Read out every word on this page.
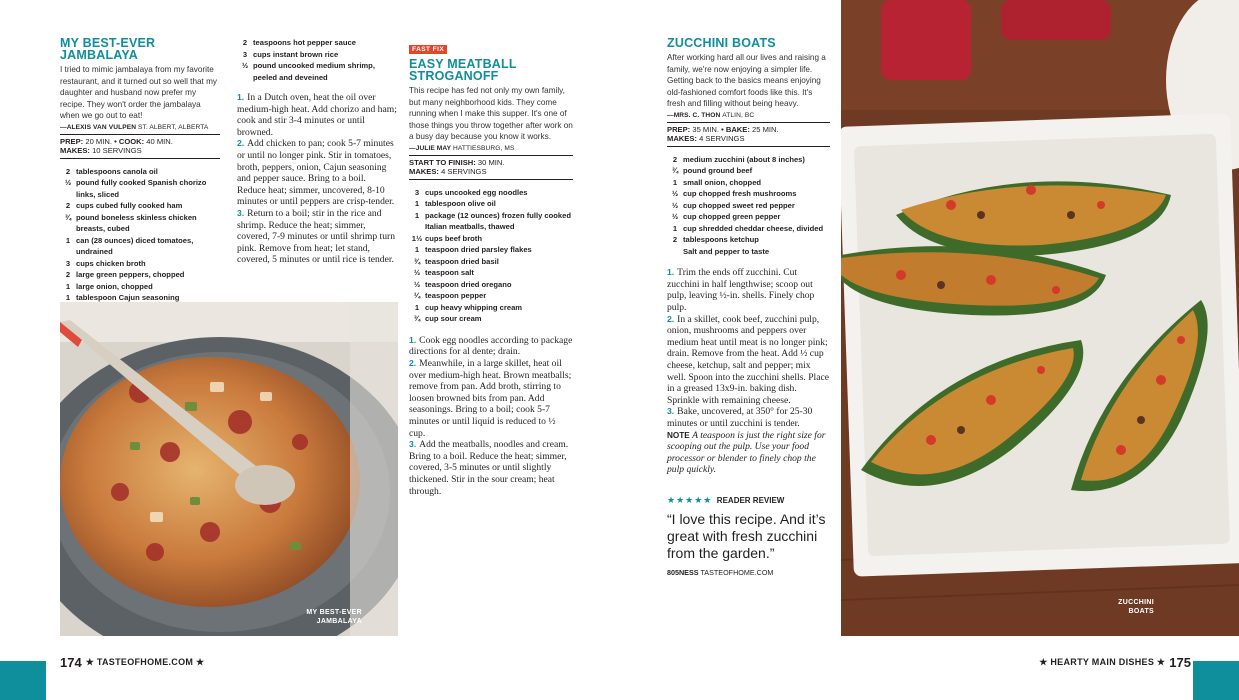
MY BEST-EVER JAMBALAYA
I tried to mimic jambalaya from my favorite restaurant, and it turned out so well that my daughter and husband now prefer my recipe. They won't order the jambalaya when we go out to eat!
—ALEXIS VAN VULPEN ST. ALBERT, ALBERTA
PREP: 20 MIN. • COOK: 40 MIN.
MAKES: 10 SERVINGS
2 tablespoons canola oil
½ pound fully cooked Spanish chorizo links, sliced
2 cups cubed fully cooked ham
¾ pound boneless skinless chicken breasts, cubed
1 can (28 ounces) diced tomatoes, undrained
3 cups chicken broth
2 large green peppers, chopped
1 large onion, chopped
1 tablespoon Cajun seasoning
2 teaspoons hot pepper sauce
3 cups instant brown rice
½ pound uncooked medium shrimp, peeled and deveined

1. In a Dutch oven, heat the oil over medium-high heat. Add chorizo and ham; cook and stir 3-4 minutes or until browned.

2. Add chicken to pan; cook 5-7 minutes or until no longer pink. Stir in tomatoes, broth, peppers, onion, Cajun seasoning and pepper sauce. Bring to a boil. Reduce heat; simmer, uncovered, 8-10 minutes or until peppers are crisp-tender.

3. Return to a boil; stir in the rice and shrimp. Reduce the heat; simmer, covered, 7-9 minutes or until shrimp turn pink. Remove from heat; let stand, covered, 5 minutes or until rice is tender.

MY BEST-EVER
JAMBALAYA
FAST FIX
EASY MEATBALL
STROGANOFF
This recipe has fed not only my own family, but many neighborhood kids. They come running when I make this supper. It's one of those things you throw together after work on a busy day because you know it works.
—JULIE MAY HATTIESBURG, MS
START TO FINISH: 30 MIN.
MAKES: 4 SERVINGS
3 cups uncooked egg noodles
1 tablespoon olive oil
1 package (12 ounces) frozen fully cooked Italian meatballs, thawed
1½ cups beef broth
1 teaspoon dried parsley flakes
¾ teaspoon dried basil
½ teaspoon salt
½ teaspoon dried oregano
¼ teaspoon pepper
1 cup heavy whipping cream
¾ cup sour cream

1. Cook egg noodles according to package directions for al dente; drain.

2. Meanwhile, in a large skillet, heat oil over medium-high heat. Brown meatballs; remove from pan. Add broth, stirring to loosen browned bits from pan. Add seasonings. Bring to a boil; cook 5-7 minutes or until liquid is reduced to ½ cup.

3. Add the meatballs, noodles and cream. Bring to a boil. Reduce the heat; simmer, covered, 3-5 minutes or until slightly thickened. Stir in the sour cream; heat through.

174 ★ TASTEOFHOME.COM ★
ZUCCHINI BOATS
After working hard all our lives and raising a family, we're now enjoying a simpler life. Getting back to the basics means enjoying old-fashioned comfort foods like this. It's fresh and filling without being heavy.
—MRS. C. THON ATLIN, BC
PREP: 35 MIN. • BAKE: 25 MIN.
MAKES: 4 SERVINGS
2 medium zucchini (about 8 inches)
¾ pound ground beef
1 small onion, chopped
½ cup chopped fresh mushrooms
½ cup chopped sweet red pepper
½ cup chopped green pepper
1 cup shredded cheddar cheese, divided
2 tablespoons ketchup
Salt and pepper to taste

1. Trim the ends off zucchini. Cut zucchini in half lengthwise; scoop out pulp, leaving ½-in. shells. Finely chop pulp.

2. In a skillet, cook beef, zucchini pulp, onion, mushrooms and peppers over medium heat until meat is no longer pink; drain. Remove from the heat. Add ½ cup cheese, ketchup, salt and pepper; mix well. Spoon into the zucchini shells. Place in a greased 13x9-in. baking dish. Sprinkle with remaining cheese.

3. Bake, uncovered, at 350° for 25-30 minutes or until zucchini is tender.

NOTE A teaspoon is just the right size for scooping out the pulp. Use your food processor or blender to finely chop the pulp quickly.
★★★★★ READER REVIEW
“I love this recipe. And it’s great with fresh zucchini from the garden.”
805NESS TASTEOFHOME.COM
ZUCCHINI
BOATS
★ HEARTY MAIN DISHES ★ 175
